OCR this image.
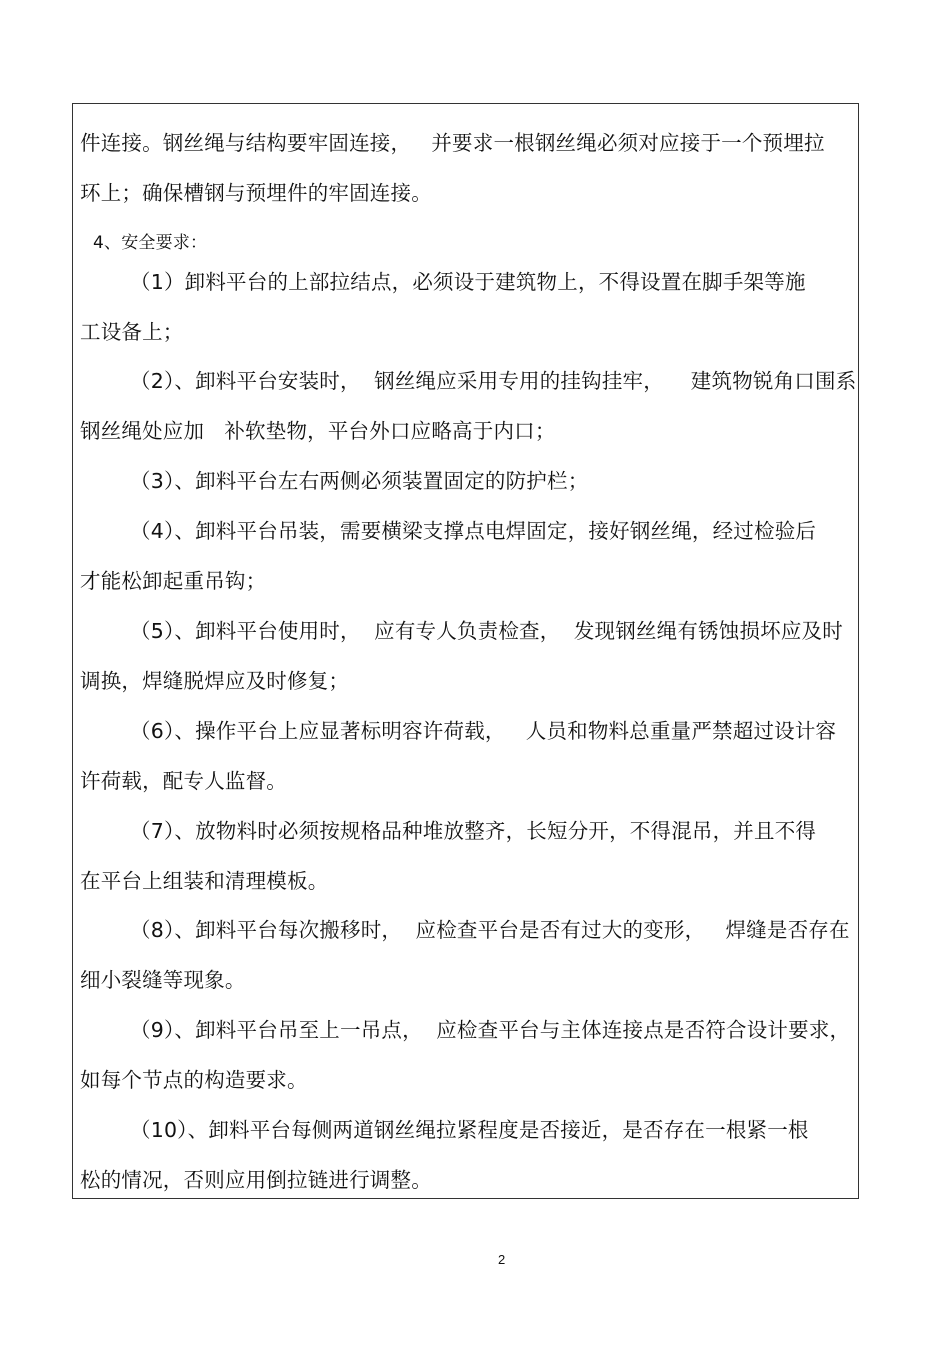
件连接。钢丝绳与结构要牢固连接，   并要求一根钢丝绳必须对应接于一个预埋拉
环上；确保槽钢与预埋件的牢固连接。
4、安全要求：
（1）卸料平台的上部拉结点，必须设于建筑物上，不得设置在脚手架等施
工设备上；
（2）、卸料平台安装时，  钢丝绳应采用专用的挂钩挂牢，    建筑物锐角口围系
钢丝绳处应加   补软垫物，平台外口应略高于内口；
（3）、卸料平台左右两侧必须装置固定的防护栏；
（4）、卸料平台吊装，需要横梁支撑点电焊固定，接好钢丝绳，经过检验后
才能松卸起重吊钩；
（5）、卸料平台使用时，  应有专人负责检查，  发现钢丝绳有锈蚀损坏应及时
调换，焊缝脱焊应及时修复；
（6）、操作平台上应显著标明容许荷载，   人员和物料总重量严禁超过设计容
许荷载，配专人监督。
（7）、放物料时必须按规格品种堆放整齐，长短分开，不得混吊，并且不得
在平台上组装和清理模板。
（8）、卸料平台每次搬移时，  应检查平台是否有过大的变形，   焊缝是否存在
细小裂缝等现象。
（9）、卸料平台吊至上一吊点，  应检查平台与主体连接点是否符合设计要求，
如每个节点的构造要求。
（10）、卸料平台每侧两道钢丝绳拉紧程度是否接近，是否存在一根紧一根
松的情况，否则应用倒拉链进行调整。
2
